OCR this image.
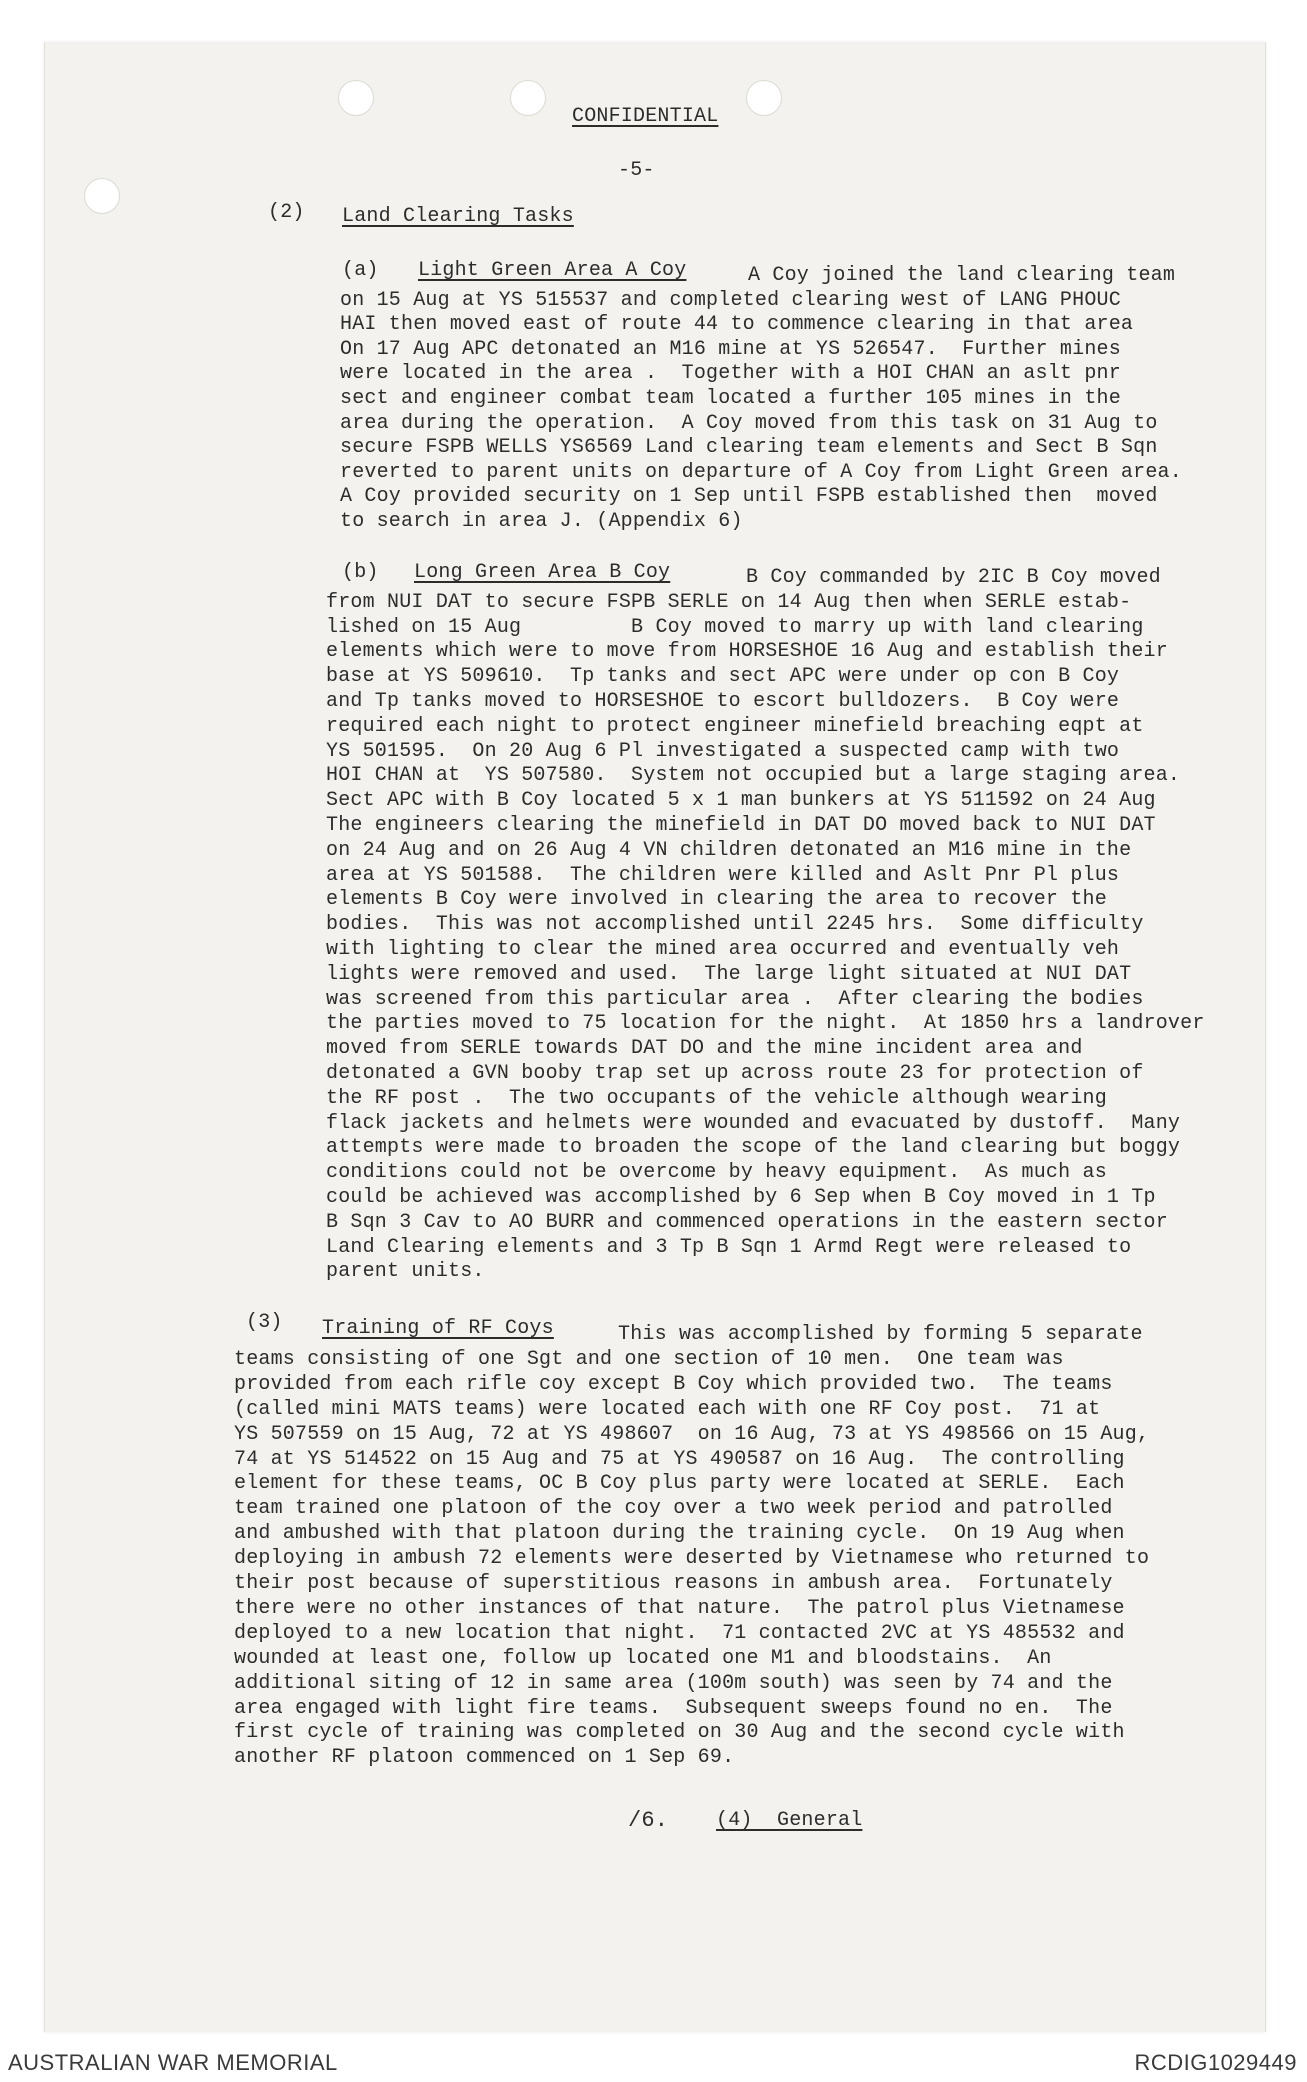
CONFIDENTIAL
-5-
(2) Land Clearing Tasks
(a) Light Green Area A Coy	A Coy joined the land clearing team
on 15 Aug at YS 515537 and completed clearing west of LANG PHOUC
HAI then moved east of route 44 to commence clearing in that area
On 17 Aug APC detonated an M16 mine at YS 526547.  Further mines
were located in the area .  Together with a HOI CHAN an aslt pnr
sect and engineer combat team located a further 105 mines in the
area during the operation.  A Coy moved from this task on 31 Aug to
secure FSPB WELLS YS6569 Land clearing team elements and Sect B Sqn
reverted to parent units on departure of A Coy from Light Green area.
A Coy provided security on 1 Sep until FSPB established then  moved
to search in area J. (Appendix 6)
(b) Long Green Area B Coy	B Coy commanded by 2IC B Coy moved
from NUI DAT to secure FSPB SERLE on 14 Aug then when SERLE estab-
lished on 15 Aug         B Coy moved to marry up with land clearing
elements which were to move from HORSESHOE 16 Aug and establish their
base at YS 509610.  Tp tanks and sect APC were under op con B Coy
and Tp tanks moved to HORSESHOE to escort bulldozers.  B Coy were
required each night to protect engineer minefield breaching eqpt at
YS 501595.  On 20 Aug 6 Pl investigated a suspected camp with two
HOI CHAN at  YS 507580.  System not occupied but a large staging area.
Sect APC with B Coy located 5 x 1 man bunkers at YS 511592 on 24 Aug
The engineers clearing the minefield in DAT DO moved back to NUI DAT
on 24 Aug and on 26 Aug 4 VN children detonated an M16 mine in the
area at YS 501588.  The children were killed and Aslt Pnr Pl plus
elements B Coy were involved in clearing the area to recover the
bodies.  This was not accomplished until 2245 hrs.  Some difficulty
with lighting to clear the mined area occurred and eventually veh
lights were removed and used.  The large light situated at NUI DAT
was screened from this particular area .  After clearing the bodies
the parties moved to 75 location for the night.  At 1850 hrs a landrover
moved from SERLE towards DAT DO and the mine incident area and
detonated a GVN booby trap set up across route 23 for protection of
the RF post .  The two occupants of the vehicle although wearing
flack jackets and helmets were wounded and evacuated by dustoff.  Many
attempts were made to broaden the scope of the land clearing but boggy
conditions could not be overcome by heavy equipment.  As much as
could be achieved was accomplished by 6 Sep when B Coy moved in 1 Tp
B Sqn 3 Cav to AO BURR and commenced operations in the eastern sector
Land Clearing elements and 3 Tp B Sqn 1 Armd Regt were released to
parent units.
(3) Training of RF Coys	This was accomplished by forming 5 separate
teams consisting of one Sgt and one section of 10 men.  One team was
provided from each rifle coy except B Coy which provided two.  The teams
(called mini MATS teams) were located each with one RF Coy post.  71 at
YS 507559 on 15 Aug, 72 at YS 498607  on 16 Aug, 73 at YS 498566 on 15 Aug,
74 at YS 514522 on 15 Aug and 75 at YS 490587 on 16 Aug.  The controlling
element for these teams, OC B Coy plus party were located at SERLE.  Each
team trained one platoon of the coy over a two week period and patrolled
and ambushed with that platoon during the training cycle.  On 19 Aug when
deploying in ambush 72 elements were deserted by Vietnamese who returned to
their post because of superstitious reasons in ambush area.  Fortunately
there were no other instances of that nature.  The patrol plus Vietnamese
deployed to a new location that night.  71 contacted 2VC at YS 485532 and
wounded at least one, follow up located one M1 and bloodstains.  An
additional siting of 12 in same area (100m south) was seen by 74 and the
area engaged with light fire teams.  Subsequent sweeps found no en.  The
first cycle of training was completed on 30 Aug and the second cycle with
another RF platoon commenced on 1 Sep 69.
/6. (4)  General
AUSTRALIAN WAR MEMORIAL	RCDIG1029449
